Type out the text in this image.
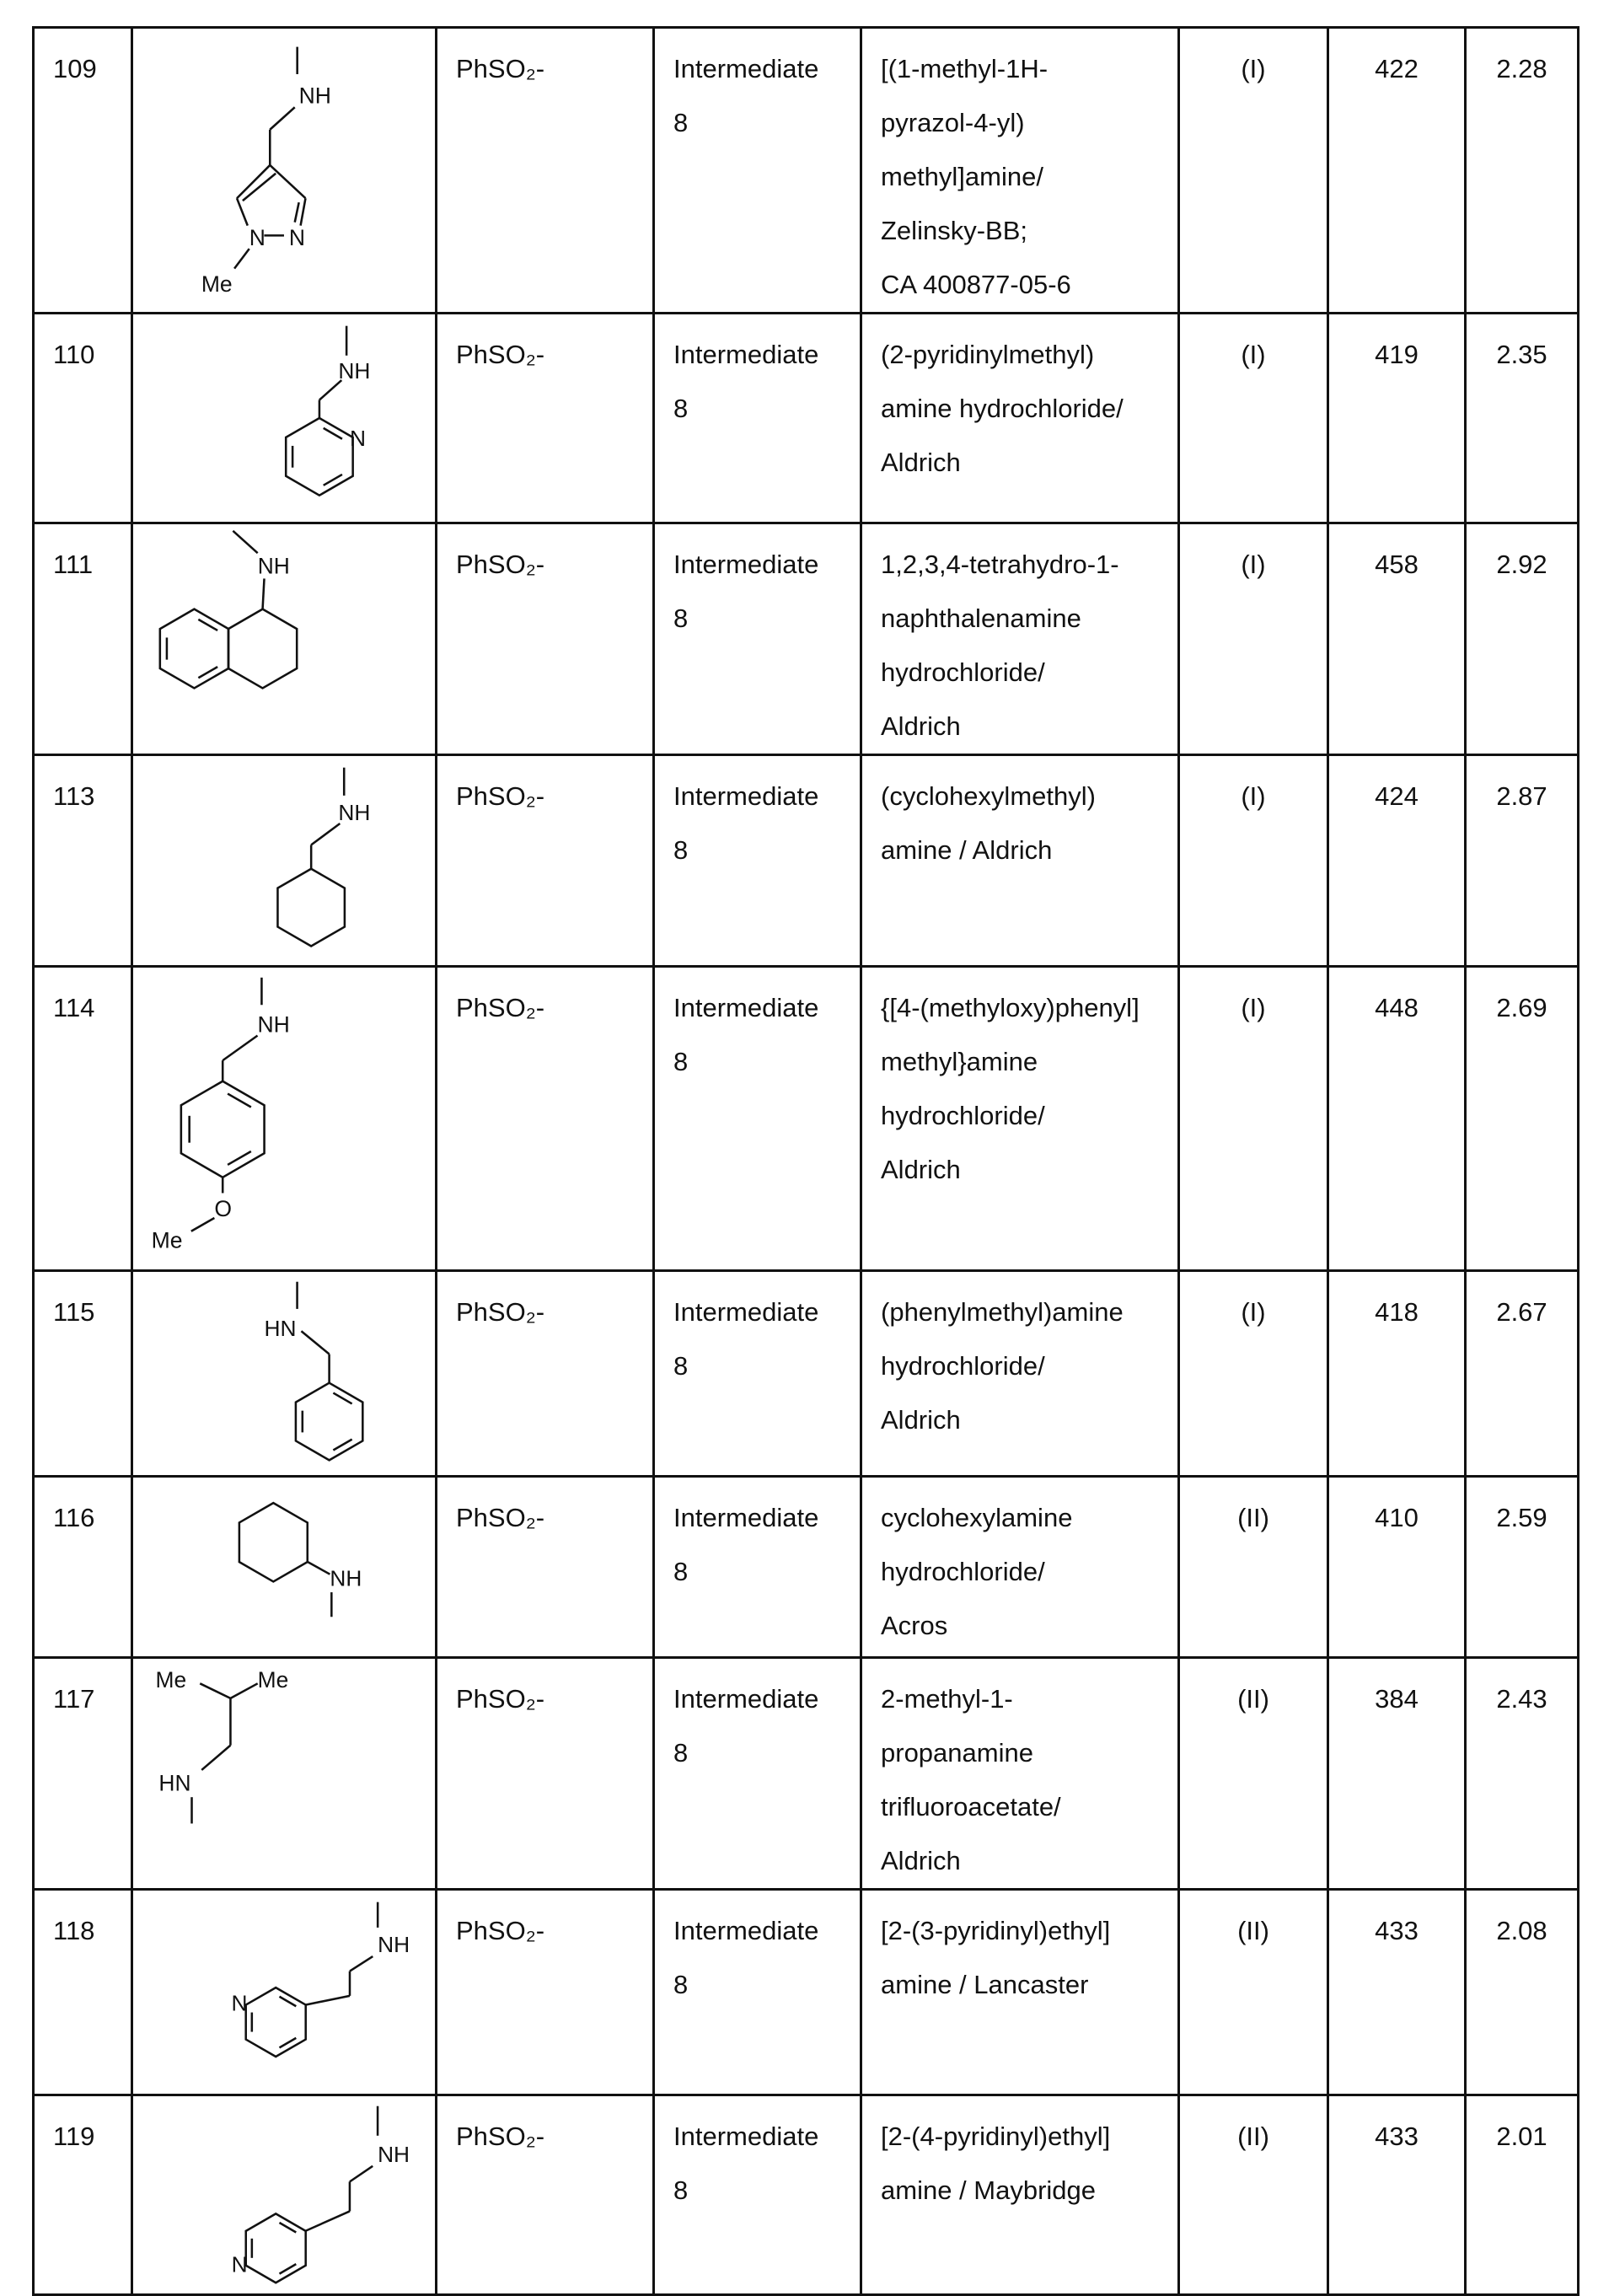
109	
NH
N N
Me
	PhSO₂-	Intermediate
8

[(1-methyl-1H-
pyrazol-4-yl)
methyl]amine/
Zelinsky-BB;
CA 400877-05-6
	(I)	422	2.28
110	
NH
N
	PhSO₂-	Intermediate
8

(2-pyridinylmethyl)
amine hydrochloride/
Aldrich
	(I)	419	2.35
111	NH	PhSO₂-	Intermediate
8

1,2,3,4-tetrahydro-1-
naphthalenamine
hydrochloride/
Aldrich
	(I)	458	2.92
113	
NH
	PhSO₂-	Intermediate
8

(cyclohexylmethyl)
amine / Aldrich
	(I)	424	2.87
114	
NH
O
Me
	PhSO₂-	Intermediate
8

{[4-(methyloxy)phenyl]
methyl}amine
hydrochloride/
Aldrich
	(I)	448	2.69
115	
HN
	PhSO₂-	Intermediate
8

(phenylmethyl)amine
hydrochloride/
Aldrich
	(I)	418	2.67
116	
NH
	PhSO₂-	Intermediate
8

cyclohexylamine
hydrochloride/
Acros
	(II)	410	2.59
117	
Me	Me
HN
	PhSO₂-	Intermediate
8

2-methyl-1-
propanamine
trifluoroacetate/
Aldrich
	(II)	384	2.43
118	NH
N
	PhSO₂-	Intermediate
8

[2-(3-pyridinyl)ethyl]
amine / Lancaster
	(II)	433	2.08
119	
NH
N
	PhSO₂-	Intermediate
8

[2-(4-pyridinyl)ethyl]
amine / Maybridge
	(II)	433	2.01
